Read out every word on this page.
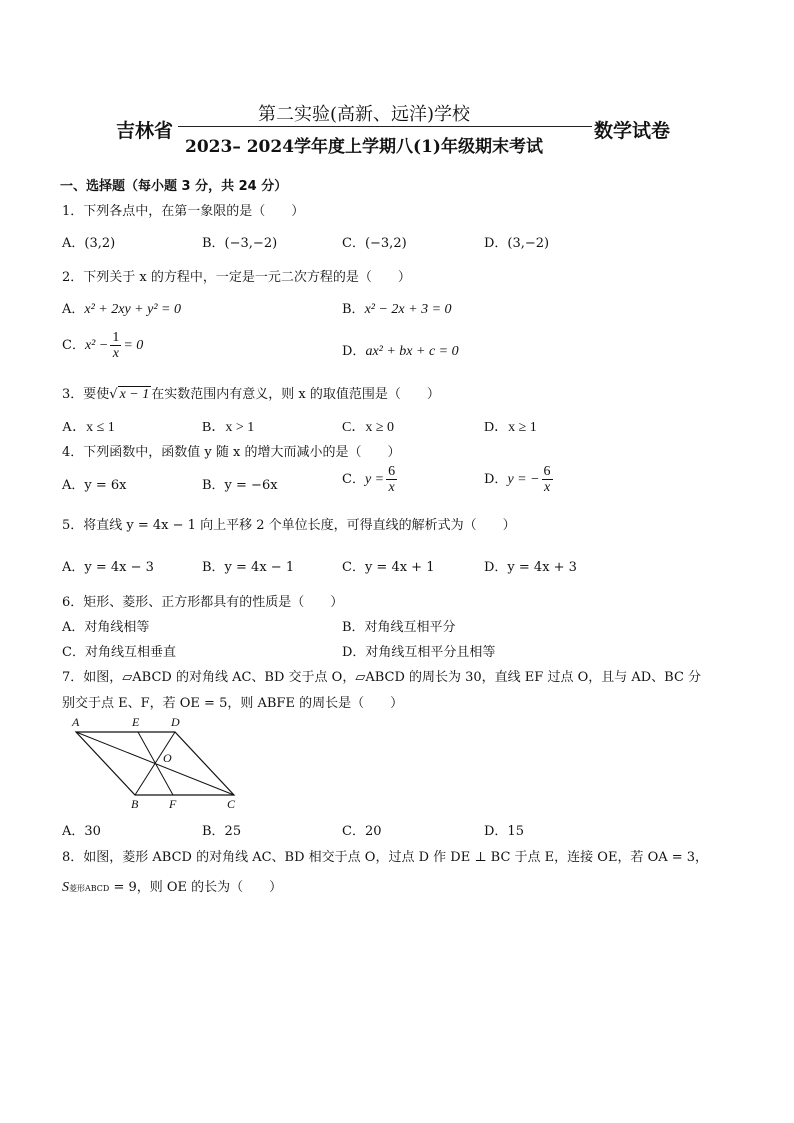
吉林省
第二实验(高新、远洋)学校
2023– 2024学年度上学期八(1)年级期末考试
数学试卷
一、选择题（每小题 3 分，共 24 分）
1．下列各点中，在第一象限的是（　　）
A．(3,2)	B．(−3,−2)	C．(−3,2)	D．(3,−2)
2．下列关于 x 的方程中，一定是一元二次方程的是（　　）
A．x² + 2xy + y² = 0	B．x² − 2x + 3 = 0
C．$x^2 - \frac{1}{x} = 0$	D．ax² + bx + c = 0
3．要使√ x − 1 在实数范围内有意义，则 x 的取值范围是（　　）
A．x ≤ 1	B．x > 1	C．x ≥ 0	D．x ≥ 1
4．下列函数中，函数值 y 随 x 的增大而减小的是（　　）
A．y = 6x	B．y = −6x	C．$y = \frac{6}{x}$	D．y = − $\frac{6}{x}$
5．将直线 y = 4x − 1 向上平移 2 个单位长度，可得直线的解析式为（　　）
A．y = 4x − 3	B．y = 4x − 1	C．y = 4x + 1	D．y = 4x + 3
6．矩形、菱形、正方形都具有的性质是（　　）
A．对角线相等	B．对角线互相平分
C．对角线互相垂直	D．对角线互相平分且相等
7．如图，▱ABCD 的对角线 AC、BD 交于点 O，▱ABCD 的周长为 30，直线 EF 过点 O，且与 AD、BC 分
别交于点 E、F，若 OE = 5，则 ABFE 的周长是（　　）
A	E	D
O
B	F	C
A．30	B．25	C．20	D．15
8．如图，菱形 ABCD 的对角线 AC、BD 相交于点 O，过点 D 作 DE ⊥ BC 于点 E，连接 OE，若 OA = 3，
S菱形ABCD = 9，则 OE 的长为（　　）
